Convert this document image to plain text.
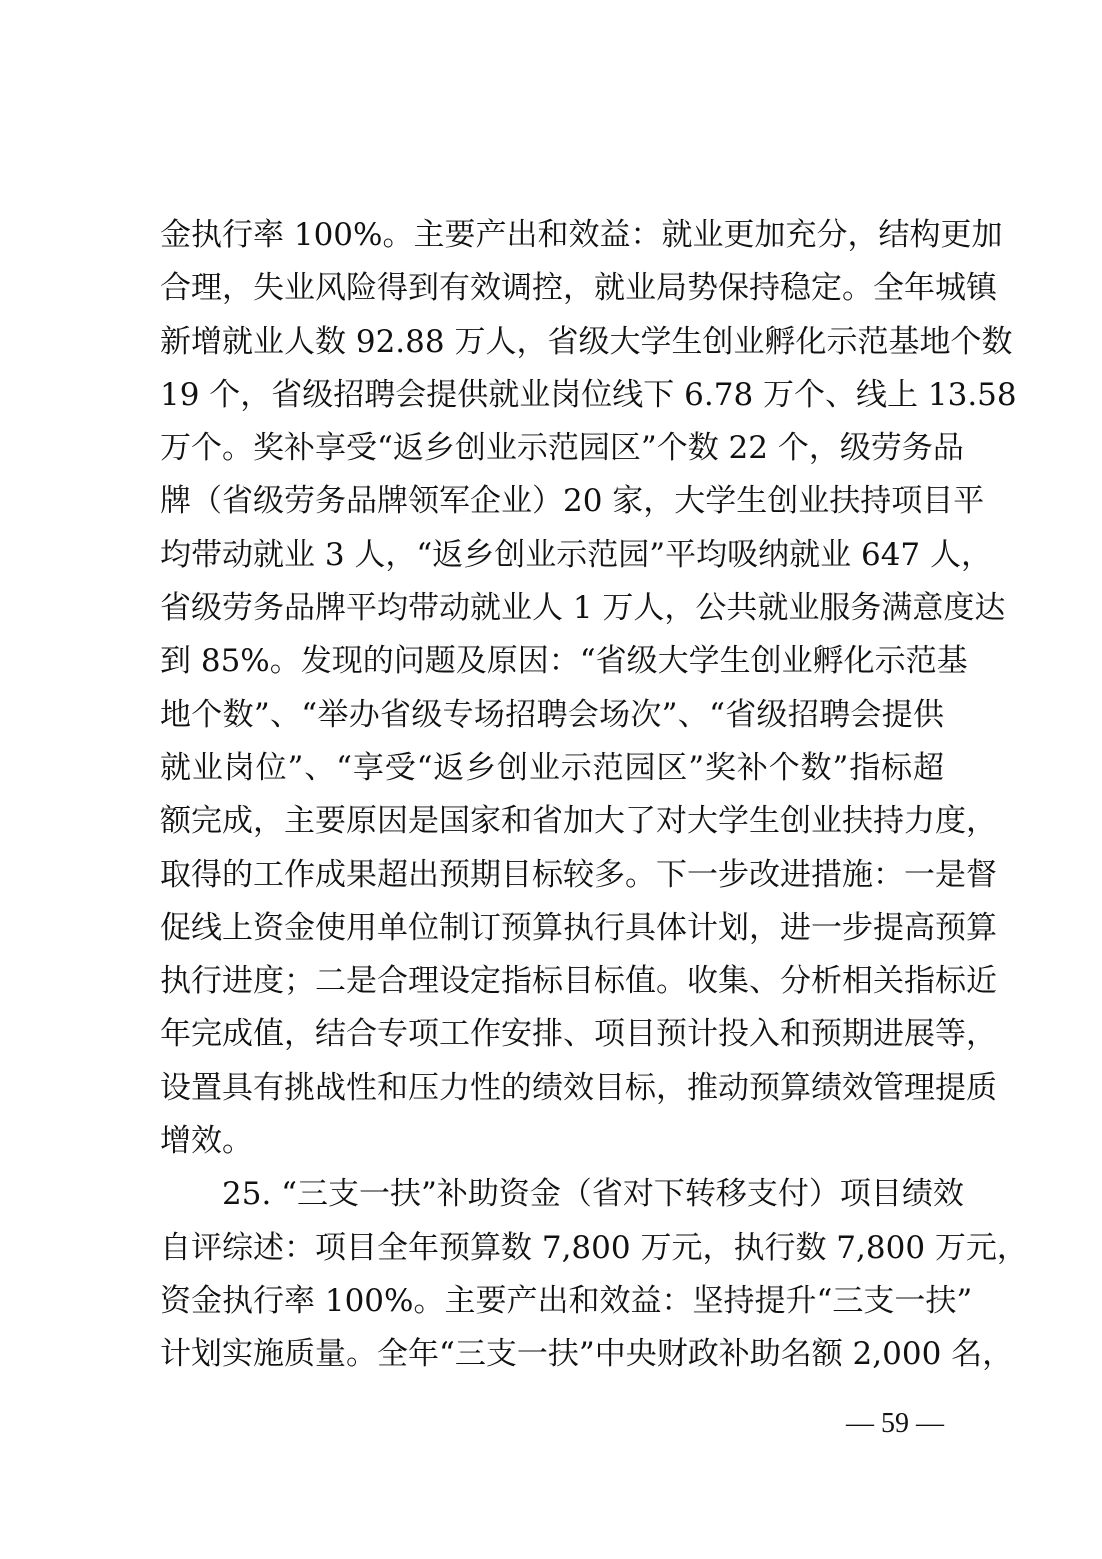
金执行率 100%。主要产出和效益：就业更加充分，结构更加
合理，失业风险得到有效调控，就业局势保持稳定。全年城镇
新增就业人数 92.88 万人，省级大学生创业孵化示范基地个数
19 个，省级招聘会提供就业岗位线下 6.78 万个、线上 13.58
万个。奖补享受“返乡创业示范园区”个数 22 个，级劳务品
牌（省级劳务品牌领军企业）20 家，大学生创业扶持项目平
均带动就业 3 人，“返乡创业示范园”平均吸纳就业 647 人，
省级劳务品牌平均带动就业人 1 万人，公共就业服务满意度达
到 85%。发现的问题及原因：“省级大学生创业孵化示范基
地个数”、“举办省级专场招聘会场次”、“省级招聘会提供
就业岗位”、“享受“返乡创业示范园区”奖补个数”指标超
额完成，主要原因是国家和省加大了对大学生创业扶持力度，
取得的工作成果超出预期目标较多。下一步改进措施：一是督
促线上资金使用单位制订预算执行具体计划，进一步提高预算
执行进度；二是合理设定指标目标值。收集、分析相关指标近
年完成值，结合专项工作安排、项目预计投入和预期进展等，
设置具有挑战性和压力性的绩效目标，推动预算绩效管理提质
增效。
　　25. “三支一扶”补助资金（省对下转移支付）项目绩效
自评综述：项目全年预算数 7,800 万元，执行数 7,800 万元，
资金执行率 100%。主要产出和效益：坚持提升“三支一扶”
计划实施质量。全年“三支一扶”中央财政补助名额 2,000 名，
— 59 —
